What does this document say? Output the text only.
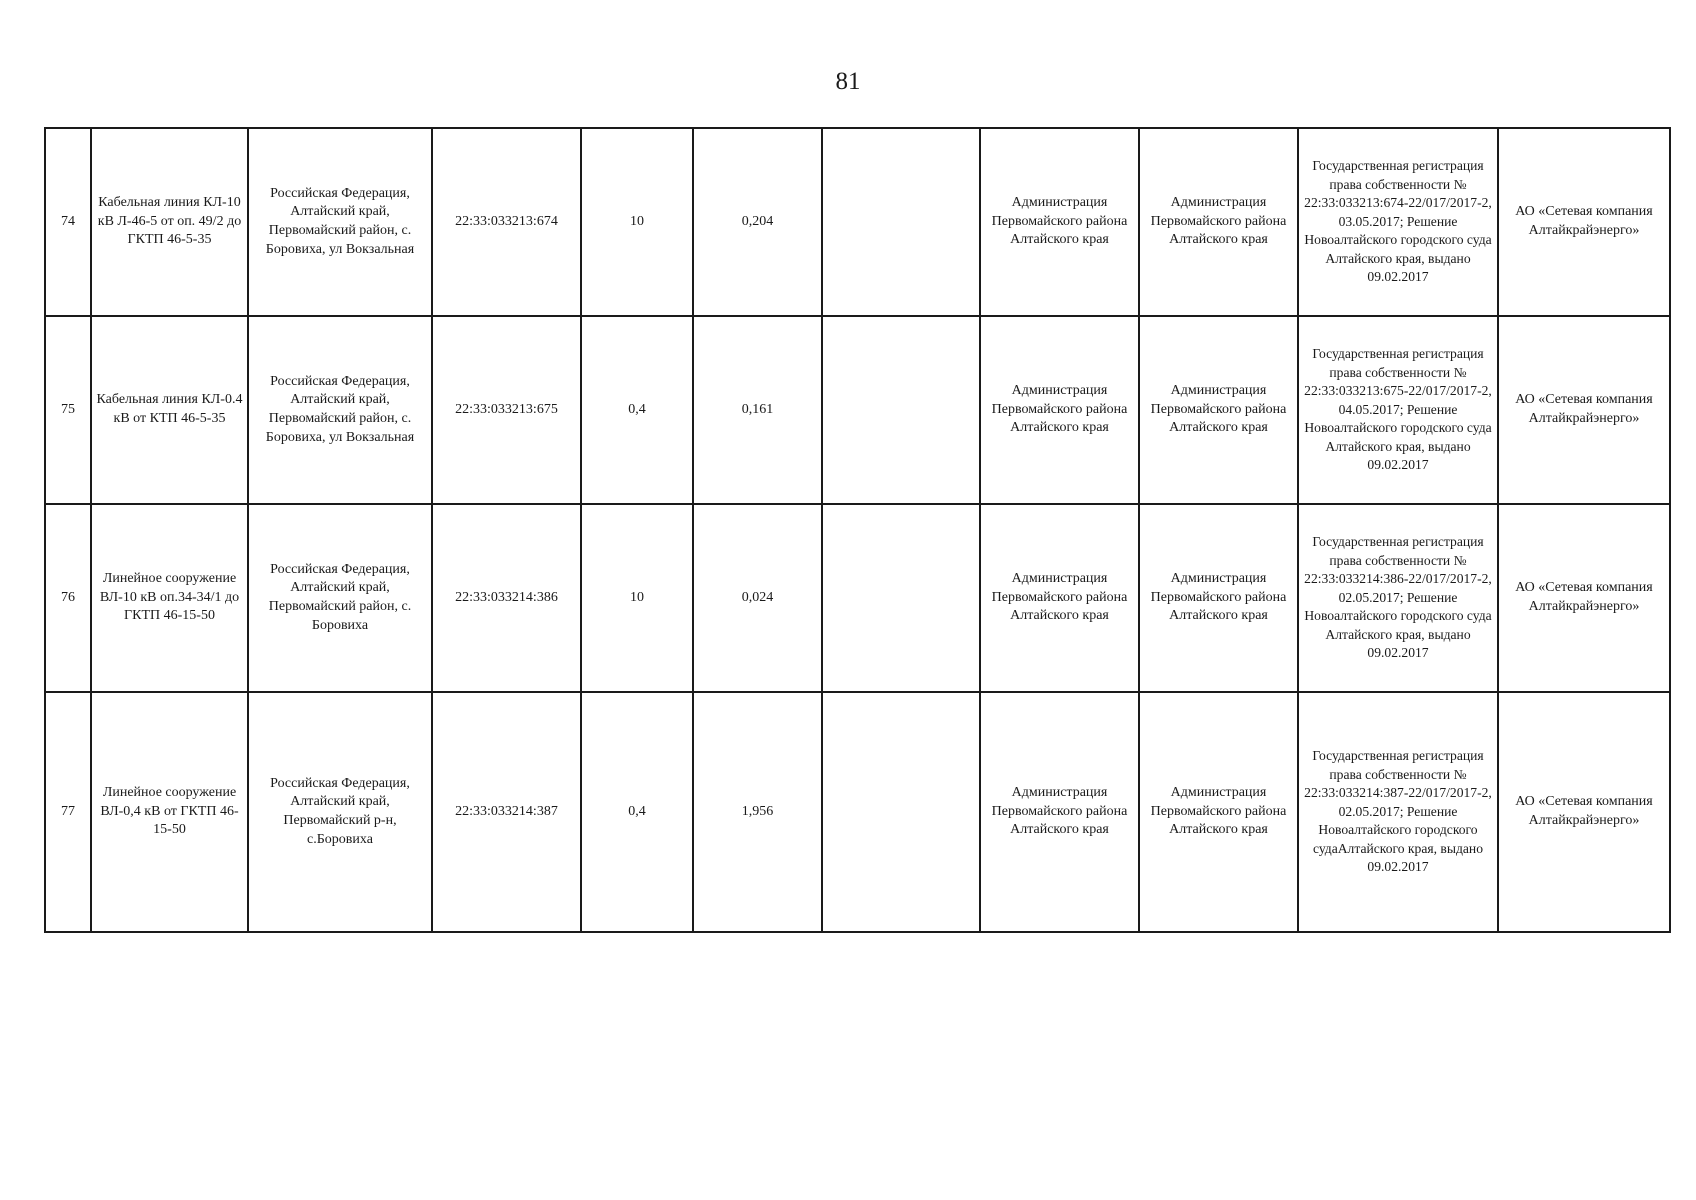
81
74	Кабельная линия КЛ-10 кВ Л-46-5 от оп. 49/2 до ГКТП 46-5-35	Российская Федерация, Алтайский край, Первомайский район, с. Боровиха, ул Вокзальная	22:33:033213:674	10	0,204		Администрация Первомайского района Алтайского края	Администрация Первомайского района Алтайского края	Государственная регистрация права собственности № 22:33:033213:674-22/017/2017-2, 03.05.2017; Решение Новоалтайского городского суда Алтайского края, выдано 09.02.2017	АО «Сетевая компания Алтайкрайэнерго»
75	Кабельная линия КЛ-0.4 кВ от КТП 46-5-35	Российская Федерация, Алтайский край, Первомайский район, с. Боровиха, ул Вокзальная	22:33:033213:675	0,4	0,161		Администрация Первомайского района Алтайского края	Администрация Первомайского района Алтайского края	Государственная регистрация права собственности № 22:33:033213:675-22/017/2017-2, 04.05.2017; Решение Новоалтайского городского суда Алтайского края, выдано 09.02.2017	АО «Сетевая компания Алтайкрайэнерго»
76	Линейное сооружение ВЛ-10 кВ оп.34-34/1 до ГКТП 46-15-50	Российская Федерация, Алтайский край, Первомайский район, с. Боровиха	22:33:033214:386	10	0,024		Администрация Первомайского района Алтайского края	Администрация Первомайского района Алтайского края	Государственная регистрация права собственности № 22:33:033214:386-22/017/2017-2, 02.05.2017; Решение Новоалтайского городского суда Алтайского края, выдано 09.02.2017	АО «Сетевая компания Алтайкрайэнерго»
77	Линейное сооружение ВЛ-0,4 кВ от ГКТП 46-15-50	Российская Федерация, Алтайский край, Первомайский р-н, с.Боровиха	22:33:033214:387	0,4	1,956		Администрация Первомайского района Алтайского края	Администрация Первомайского района Алтайского края	Государственная регистрация права собственности № 22:33:033214:387-22/017/2017-2, 02.05.2017; Решение Новоалтайского городского судаАлтайского края, выдано 09.02.2017	АО «Сетевая компания Алтайкрайэнерго»
